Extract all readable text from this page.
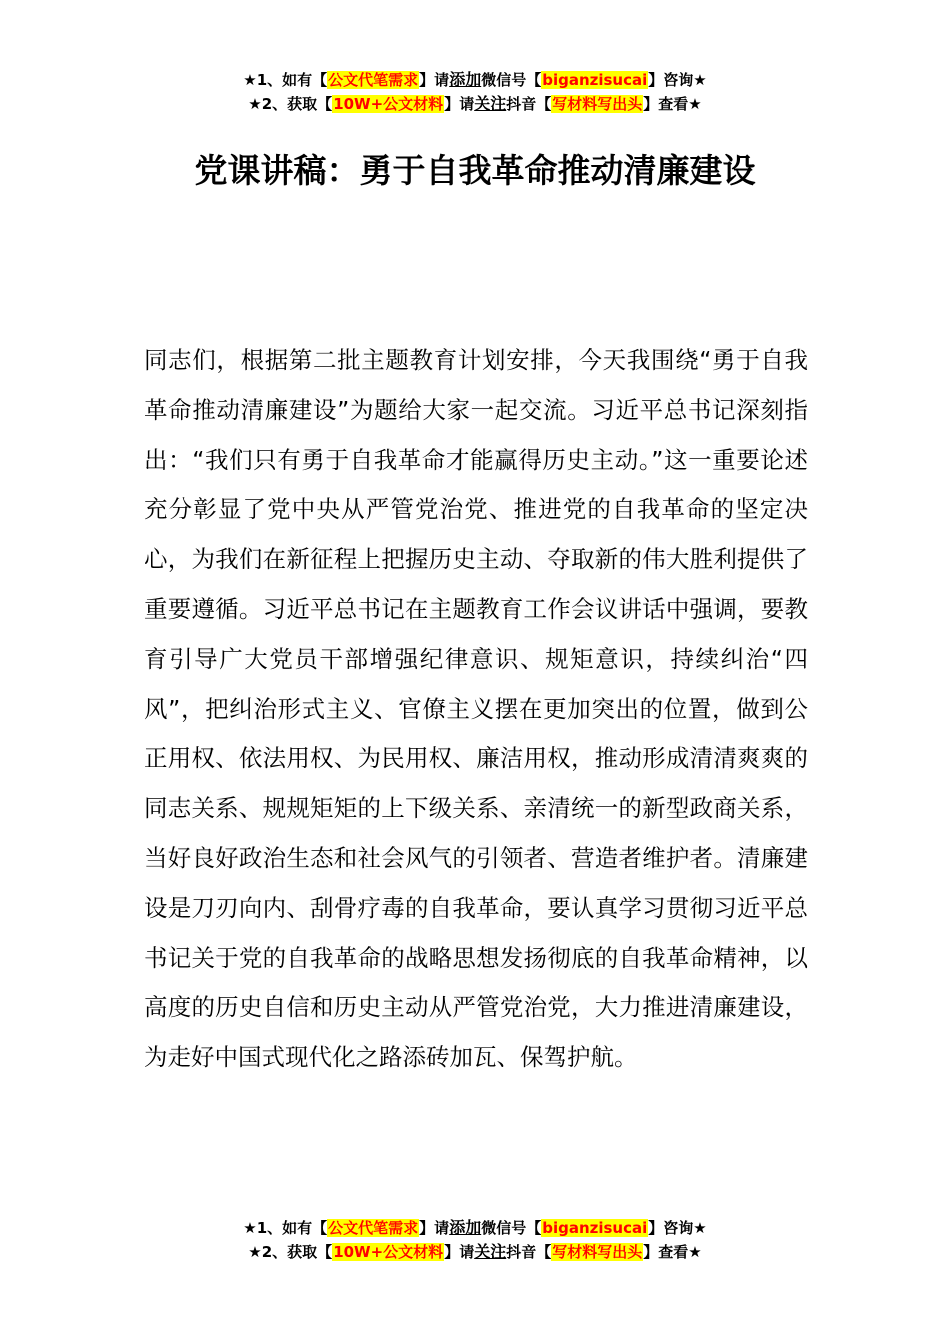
★1、如有【公文代笔需求】请添加微信号【biganzisucai】咨询★
★2、获取【10W+公文材料】请关注抖音【写材料写出头】查看★
党课讲稿：勇于自我革命推动清廉建设

同志们，根据第二批主题教育计划安排，今天我围绕“勇于自我革命推动清廉建设”为题给大家一起交流。习近平总书记深刻指出：“我们只有勇于自我革命才能赢得历史主动。”这一重要论述充分彰显了党中央从严管党治党、推进党的自我革命的坚定决心，为我们在新征程上把握历史主动、夺取新的伟大胜利提供了重要遵循。习近平总书记在主题教育工作会议讲话中强调，要教育引导广大党员干部增强纪律意识、规矩意识，持续纠治“四风”，把纠治形式主义、官僚主义摆在更加突出的位置，做到公正用权、依法用权、为民用权、廉洁用权，推动形成清清爽爽的同志关系、规规矩矩的上下级关系、亲清统一的新型政商关系，当好良好政治生态和社会风气的引领者、营造者维护者。清廉建设是刀刃向内、刮骨疗毒的自我革命，要认真学习贯彻习近平总书记关于党的自我革命的战略思想发扬彻底的自我革命精神，以高度的历史自信和历史主动从严管党治党，大力推进清廉建设，为走好中国式现代化之路添砖加瓦、保驾护航。

★1、如有【公文代笔需求】请添加微信号【biganzisucai】咨询★
★2、获取【10W+公文材料】请关注抖音【写材料写出头】查看★
